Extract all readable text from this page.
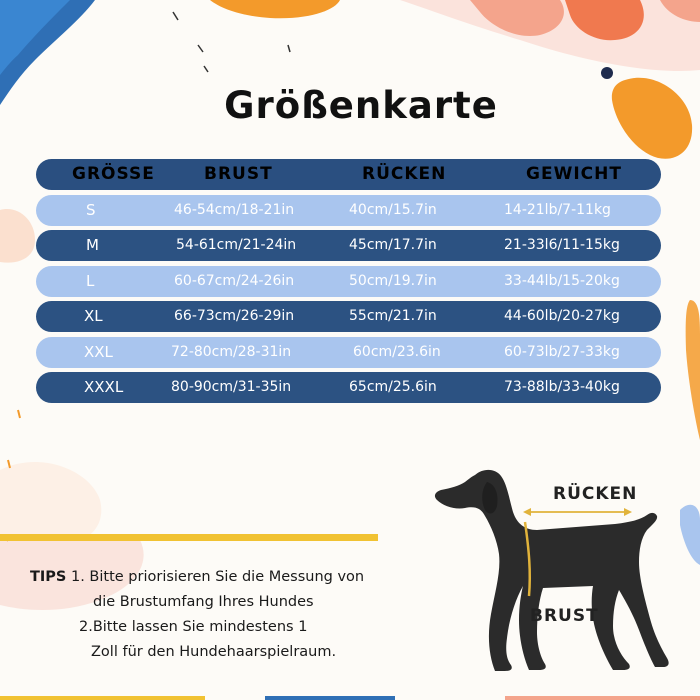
Größenkarte
GRÖSSE	BRUST	RÜCKEN	GEWICHT
S	46-54cm/18-21in	40cm/15.7in	14-21lb/7-11kg
M	54-61cm/21-24in	45cm/17.7in	21-33l6/11-15kg
L	60-67cm/24-26in	50cm/19.7in	33-44lb/15-20kg
XL	66-73cm/26-29in	55cm/21.7in	44-60lb/20-27kg
XXL	72-80cm/28-31in	60cm/23.6in	60-73lb/27-33kg
XXXL	80-90cm/31-35in	65cm/25.6in	73-88lb/33-40kg
TIPS 1. Bitte priorisieren Sie die Messung von
die Brustumfang Ihres Hundes
2.Bitte lassen Sie mindestens 1
Zoll für den Hundehaarspielraum.
RÜCKEN
BRUST
